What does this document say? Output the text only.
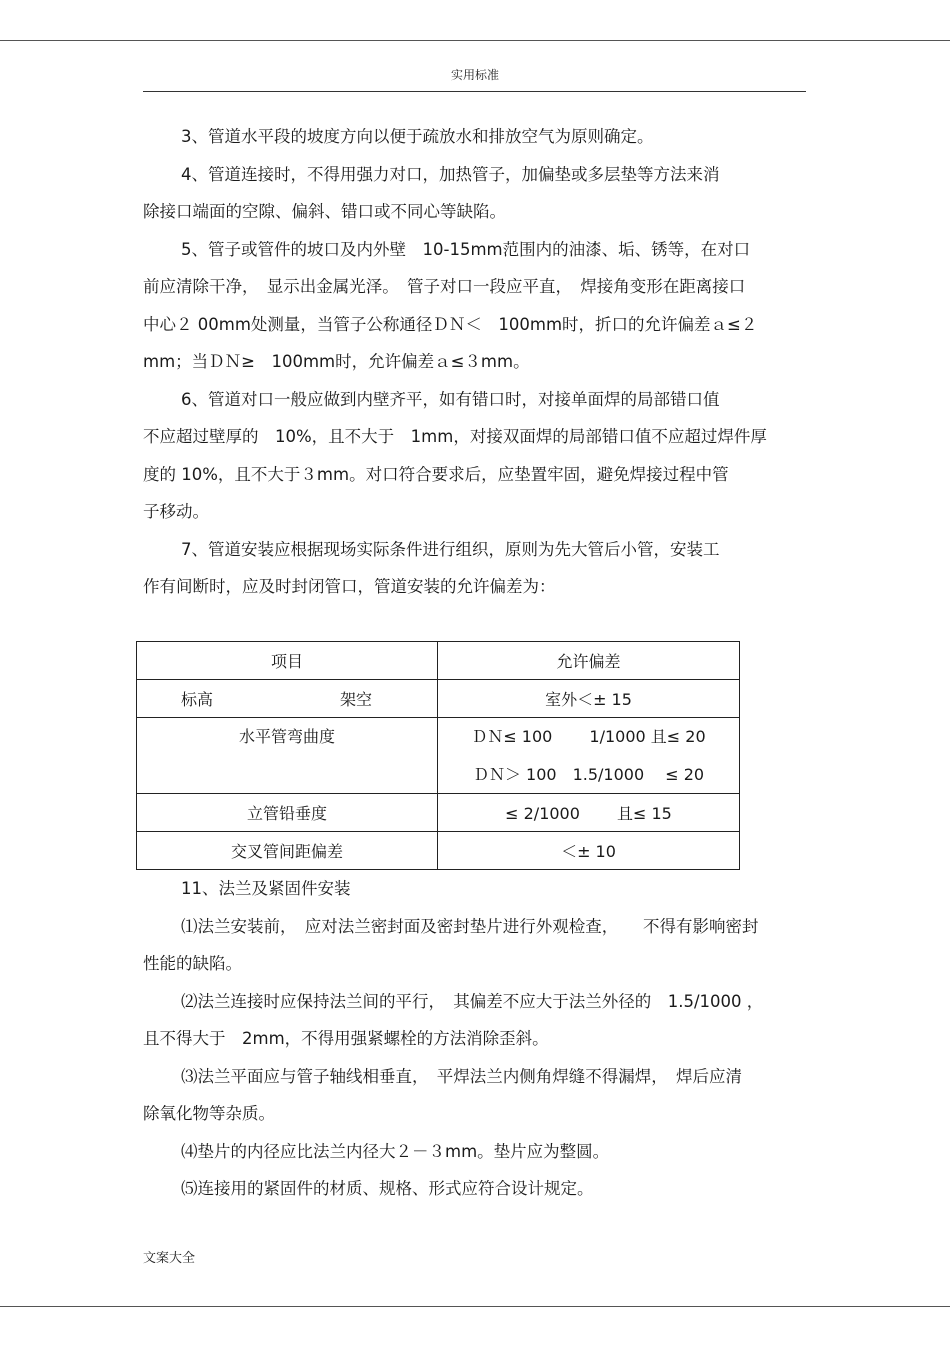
实用标准
3、管道水平段的坡度方向以便于疏放水和排放空气为原则确定。
4、管道连接时，不得用强力对口，加热管子，加偏垫或多层垫等方法来消
除接口端面的空隙、偏斜、错口或不同心等缺陷。
5、管子或管件的坡口及内外壁　10-15mm范围内的油漆、垢、锈等，在对口
前应清除干净，　显示出金属光泽。　管子对口一段应平直，　焊接角变形在距离接口
中心２ 00mm处测量，当管子公称通径ＤＮ＜　100mm时，折口的允许偏差ａ≤２
mm；当ＤＮ≥　100mm时，允许偏差ａ≤３mm。
6、管道对口一般应做到内壁齐平，如有错口时，对接单面焊的局部错口值
不应超过壁厚的　10%，且不大于　1mm，对接双面焊的局部错口值不应超过焊件厚
度的 10%，且不大于３mm。对口符合要求后，应垫置牢固，避免焊接过程中管
子移动。
7、管道安装应根据现场实际条件进行组织，原则为先大管后小管，安装工
作有间断时，应及时封闭管口，管道安装的允许偏差为：
项目	允许偏差

标高 架空	室外＜± 15

水平管弯曲度	ＤＮ≤ 100　　 1/1000 且≤ 20
ＤＮ＞ 100　1.5/1000　 ≤ 20

立管铅垂度	≤ 2/1000　　 且≤ 15
交叉管间距偏差	＜± 10
11、法兰及紧固件安装
⑴法兰安装前，　应对法兰密封面及密封垫片进行外观检查，　　不得有影响密封
性能的缺陷。
⑵法兰连接时应保持法兰间的平行，　其偏差不应大于法兰外径的　1.5/1000 ，
且不得大于　2mm，不得用强紧螺栓的方法消除歪斜。
⑶法兰平面应与管子轴线相垂直，　平焊法兰内侧角焊缝不得漏焊，　焊后应清
除氧化物等杂质。
⑷垫片的内径应比法兰内径大２－３mm。垫片应为整圆。
⑸连接用的紧固件的材质、规格、形式应符合设计规定。
文案大全
